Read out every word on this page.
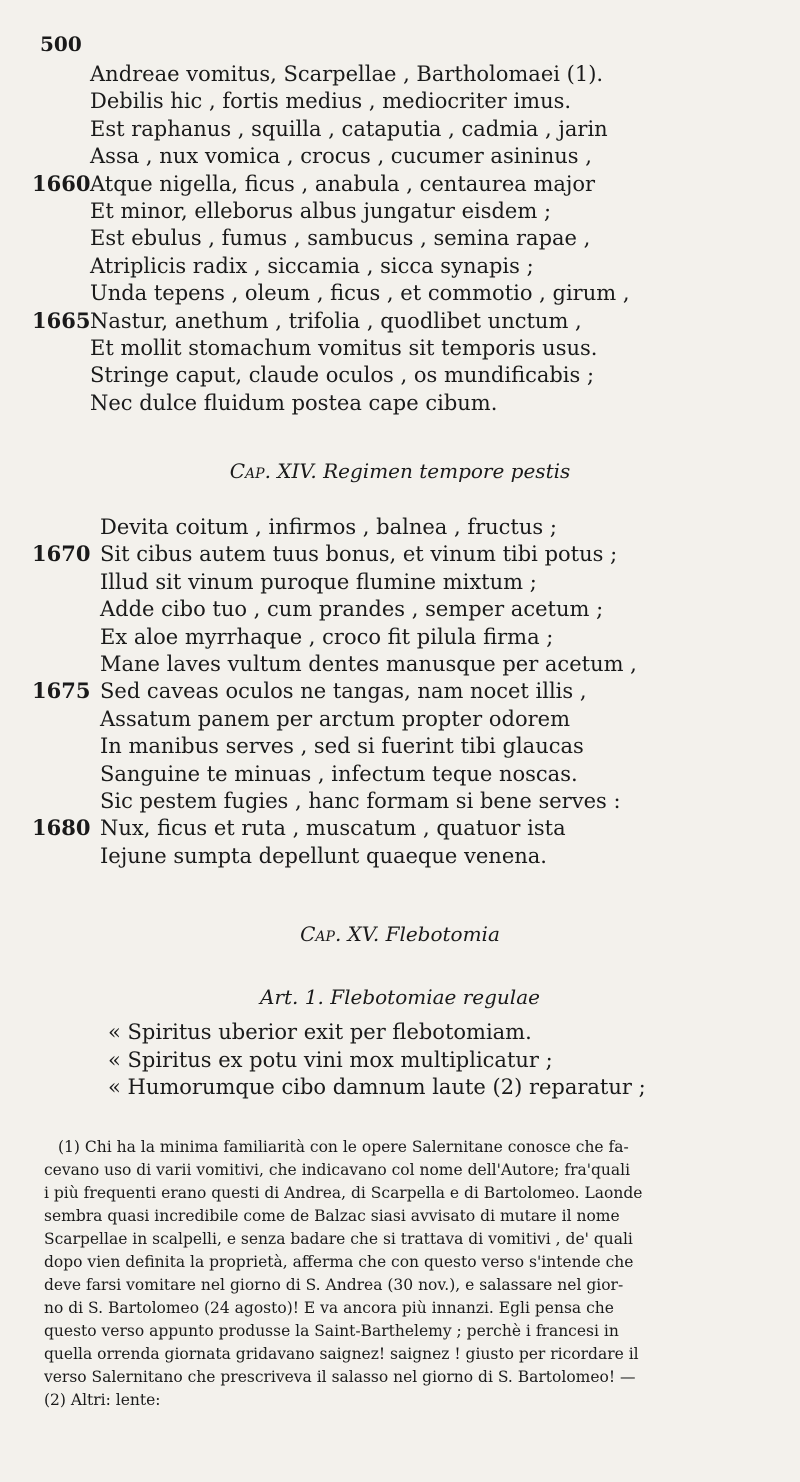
500
Andreae vomitus, Scarpellae , Bartholomaei (1).
Debilis hic , fortis medius , mediocriter imus.
Est raphanus , squilla , cataputia , cadmia , jarin
Assa , nux vomica , crocus , cucumer asininus ,
1660 Atque nigella, ficus , anabula , centaurea major
Et minor, elleborus albus jungatur eisdem ;
Est ebulus , fumus , sambucus , semina rapae ,
Atriplicis radix , siccamia , sicca synapis ;
Unda tepens , oleum , ficus , et commotio , girum ,
1665 Nastur, anethum , trifolia , quodlibet unctum ,
Et mollit stomachum vomitus sit temporis usus.
Stringe caput, claude oculos , os mundificabis ;
Nec dulce fluidum postea cape cibum.
Cap. XIV. Regimen tempore pestis
Devita coitum , infirmos , balnea , fructus ;
1670 Sit cibus autem tuus bonus, et vinum tibi potus ;
Illud sit vinum puroque flumine mixtum ;
Adde cibo tuo , cum prandes , semper acetum ;
Ex aloe myrrhaque , croco fit pilula firma ;
Mane laves vultum dentes manusque per acetum ,
1675 Sed caveas oculos ne tangas, nam nocet illis ,
Assatum panem per arctum propter odorem
In manibus serves , sed si fuerint tibi glaucas
Sanguine te minuas , infectum teque noscas.
Sic pestem fugies , hanc formam si bene serves :
1680 Nux, ficus et ruta , muscatum , quatuor ista
Iejune sumpta depellunt quaeque venena.
Cap. XV. Flebotomia
Art. 1. Flebotomiae regulae
« Spiritus uberior exit per flebotomiam.
« Spiritus ex potu vini mox multiplicatur ;
« Humorumque cibo damnum laute (2) reparatur ;
(1) Chi ha la minima familiarità con le opere Salernitane conosce che fa-
cevano uso di varii vomitivi, che indicavano col nome dell'Autore; fra'quali
i più frequenti erano questi di Andrea, di Scarpella e di Bartolomeo. Laonde
sembra quasi incredibile come de Balzac siasi avvisato di mutare il nome
Scarpellae in scalpelli, e senza badare che si trattava di vomitivi , de' quali
dopo vien definita la proprietà, afferma che con questo verso s'intende che
deve farsi vomitare nel giorno di S. Andrea (30 nov.), e salassare nel gior-
no di S. Bartolomeo (24 agosto)! E va ancora più innanzi. Egli pensa che
questo verso appunto produsse la Saint-Barthelemy ; perchè i francesi in
quella orrenda giornata gridavano saignez! saignez ! giusto per ricordare il
verso Salernitano che prescriveva il salasso nel giorno di S. Bartolomeo! —
(2) Altri: lente:
